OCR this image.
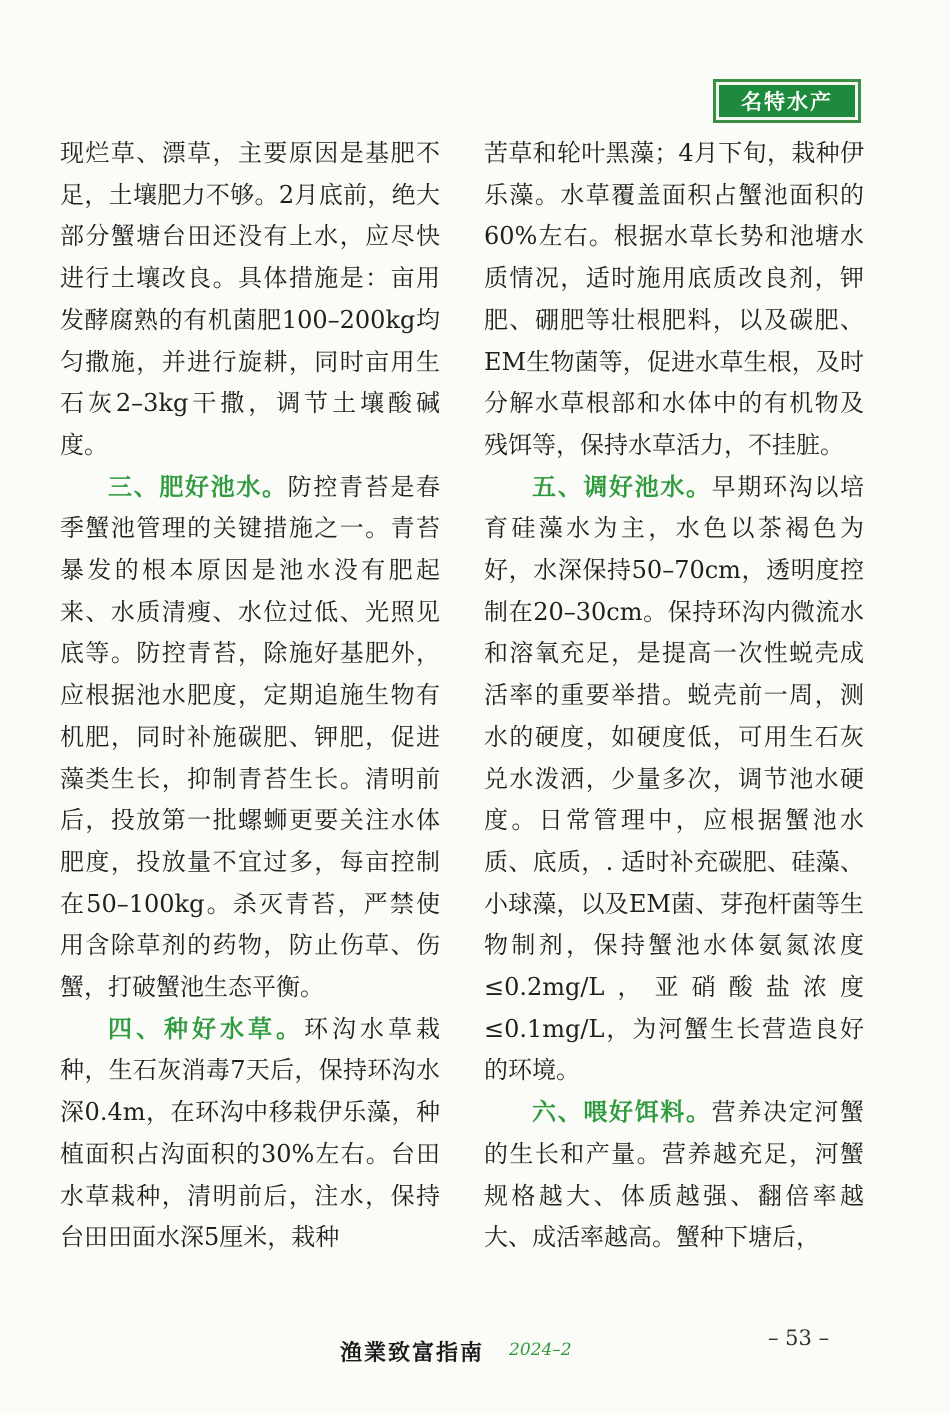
名特水产

现烂草、漂草，主要原因是基肥不足，土壤肥力不够。2月底前，绝大部分蟹塘台田还没有上水，应尽快进行土壤改良。具体措施是：亩用发酵腐熟的有机菌肥100–200kg均匀撒施，并进行旋耕，同时亩用生石灰2–3kg干撒，调节土壤酸碱度。

三、肥好池水。防控青苔是春季蟹池管理的关键措施之一。青苔暴发的根本原因是池水没有肥起来、水质清瘦、水位过低、光照见底等。防控青苔，除施好基肥外，应根据池水肥度，定期追施生物有机肥，同时补施碳肥、钾肥，促进藻类生长，抑制青苔生长。清明前后，投放第一批螺蛳更要关注水体肥度，投放量不宜过多，每亩控制在50–100kg。杀灭青苔，严禁使用含除草剂的药物，防止伤草、伤蟹，打破蟹池生态平衡。

四、种好水草。环沟水草栽种，生石灰消毒7天后，保持环沟水深0.4m，在环沟中移栽伊乐藻，种植面积占沟面积的30%左右。台田水草栽种，清明前后，注水，保持台田田面水深5厘米，栽种

苦草和轮叶黑藻；4月下旬，栽种伊乐藻。水草覆盖面积占蟹池面积的60%左右。根据水草长势和池塘水质情况，适时施用底质改良剂，钾肥、硼肥等壮根肥料，以及碳肥、EM生物菌等，促进水草生根，及时分解水草根部和水体中的有机物及残饵等，保持水草活力，不挂脏。

五、调好池水。早期环沟以培育硅藻水为主，水色以茶褐色为好，水深保持50–70cm，透明度控制在20–30cm。保持环沟内微流水和溶氧充足，是提高一次性蜕壳成活率的重要举措。蜕壳前一周，测水的硬度，如硬度低，可用生石灰兑水泼洒，少量多次，调节池水硬度。日常管理中，应根据蟹池水质、底质，. 适时补充碳肥、硅藻、小球藻，以及EM菌、芽孢杆菌等生物制剂，保持蟹池水体氨氮浓度≤0.2mg/L，亚硝酸盐浓度≤0.1mg/L，为河蟹生长营造良好的环境。

六、喂好饵料。营养决定河蟹的生长和产量。营养越充足，河蟹规格越大、体质越强、翻倍率越大、成活率越高。蟹种下塘后，

– 53 –
渔業致富指南 2024–2
